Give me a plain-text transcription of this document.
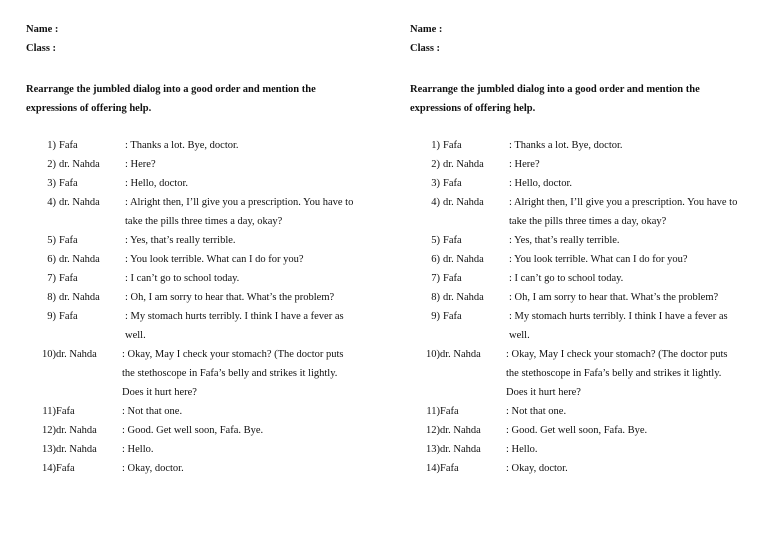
Name :
Class :
Rearrange the jumbled dialog into a good order and mention the expressions of offering help.
1) Fafa	: Thanks a lot. Bye, doctor.
2) dr. Nahda	: Here?
3) Fafa	: Hello, doctor.
4) dr. Nahda	: Alright then, I’ll give you a prescription. You have to take the pills three times a day, okay?
5) Fafa	: Yes, that’s really terrible.
6) dr. Nahda	: You look terrible. What can I do for you?
7) Fafa	: I can’t go to school today.
8) dr. Nahda	: Oh, I am sorry to hear that. What’s the problem?
9) Fafa	: My stomach hurts terribly. I think I have a fever as well.
10) dr. Nahda	: Okay, May I check your stomach? (The doctor puts the stethoscope in Fafa’s belly and strikes it lightly. Does it hurt here?
11) Fafa	: Not that one.
12) dr. Nahda	: Good. Get well soon, Fafa. Bye.
13) dr. Nahda	: Hello.
14) Fafa	: Okay, doctor.
Name :
Class :
Rearrange the jumbled dialog into a good order and mention the expressions of offering help.
1) Fafa	: Thanks a lot. Bye, doctor.
2) dr. Nahda	: Here?
3) Fafa	: Hello, doctor.
4) dr. Nahda	: Alright then, I’ll give you a prescription. You have to take the pills three times a day, okay?
5) Fafa	: Yes, that’s really terrible.
6) dr. Nahda	: You look terrible. What can I do for you?
7) Fafa	: I can’t go to school today.
8) dr. Nahda	: Oh, I am sorry to hear that. What’s the problem?
9) Fafa	: My stomach hurts terribly. I think I have a fever as well.
10) dr. Nahda	: Okay, May I check your stomach? (The doctor puts the stethoscope in Fafa’s belly and strikes it lightly. Does it hurt here?
11) Fafa	: Not that one.
12) dr. Nahda	: Good. Get well soon, Fafa. Bye.
13) dr. Nahda	: Hello.
14) Fafa	: Okay, doctor.
